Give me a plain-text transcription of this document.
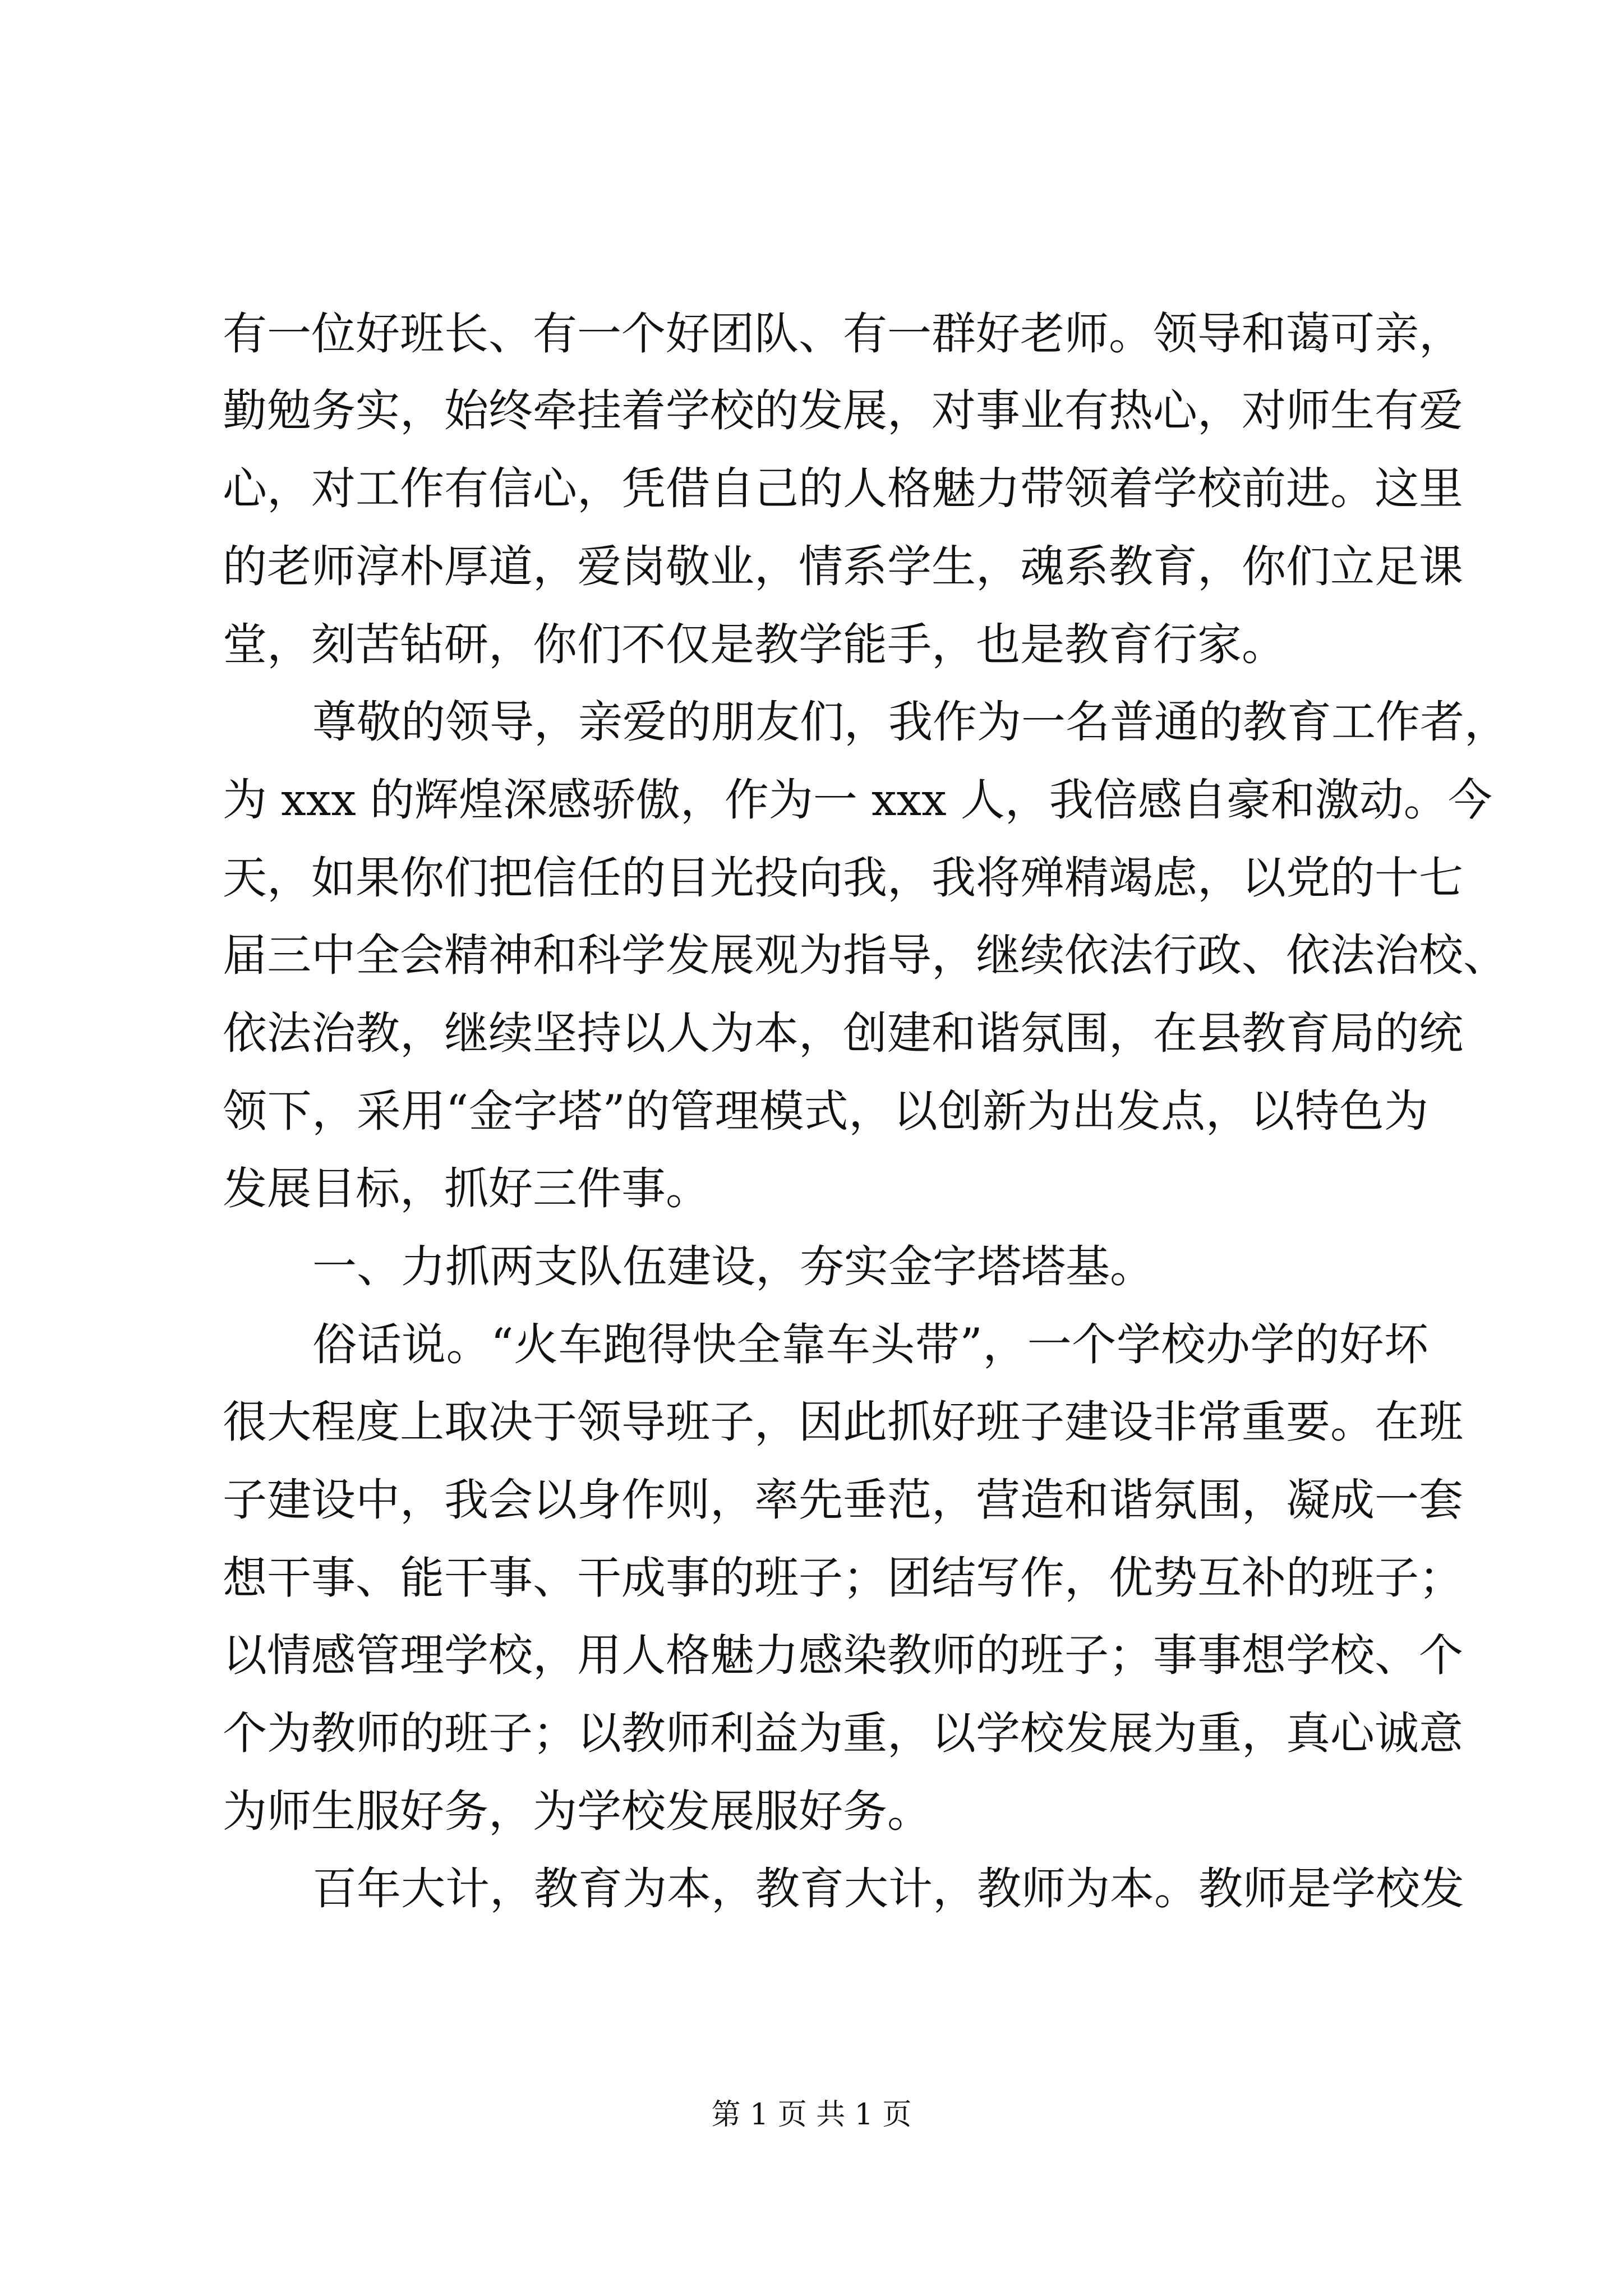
有一位好班长、有一个好团队、有一群好老师。领导和蔼可亲，
勤勉务实，始终牵挂着学校的发展，对事业有热心，对师生有爱
心，对工作有信心，凭借自己的人格魅力带领着学校前进。这里
的老师淳朴厚道，爱岗敬业，情系学生，魂系教育，你们立足课
堂，刻苦钻研，你们不仅是教学能手，也是教育行家。
尊敬的领导，亲爱的朋友们，我作为一名普通的教育工作者，
为 xxx 的辉煌深感骄傲，作为一 xxx 人，我倍感自豪和激动。今
天，如果你们把信任的目光投向我，我将殚精竭虑，以党的十七
届三中全会精神和科学发展观为指导，继续依法行政、依法治校、
依法治教，继续坚持以人为本，创建和谐氛围，在县教育局的统
领下，采用“金字塔”的管理模式，以创新为出发点，以特色为
发展目标，抓好三件事。
一、力抓两支队伍建设，夯实金字塔塔基。
俗话说。“火车跑得快全靠车头带”，一个学校办学的好坏
很大程度上取决于领导班子，因此抓好班子建设非常重要。在班
子建设中，我会以身作则，率先垂范，营造和谐氛围，凝成一套
想干事、能干事、干成事的班子；团结写作，优势互补的班子；
以情感管理学校，用人格魅力感染教师的班子；事事想学校、个
个为教师的班子；以教师利益为重，以学校发展为重，真心诚意
为师生服好务，为学校发展服好务。
百年大计，教育为本，教育大计，教师为本。教师是学校发
第 1 页 共 1 页
